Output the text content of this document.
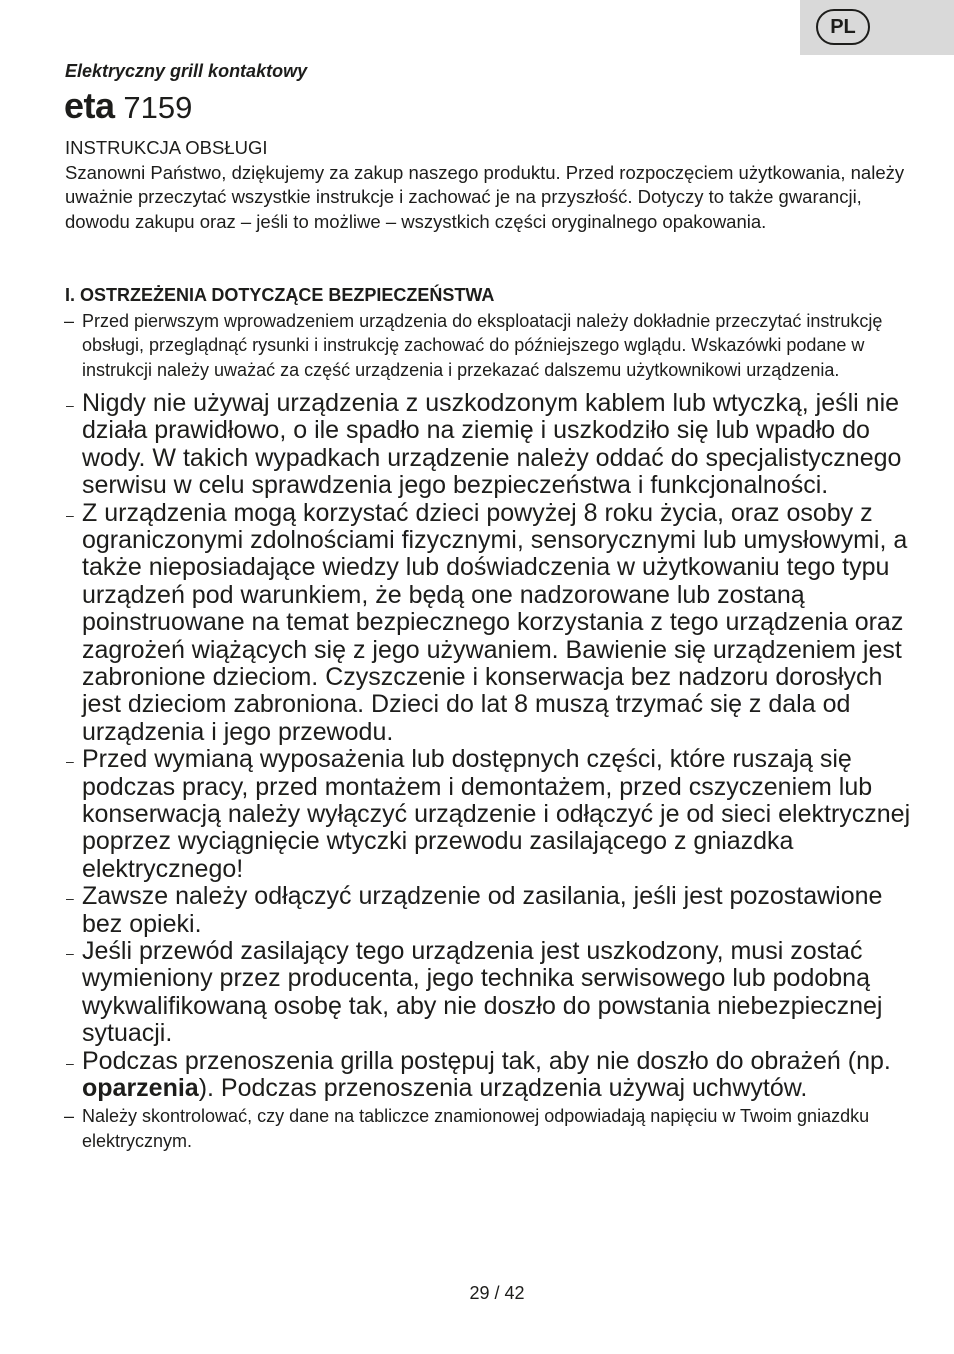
PL
Elektryczny grill kontaktowy
eta 7159

INSTRUKCJA OBSŁUGI

Szanowni Państwo, dziękujemy za zakup naszego produktu. Przed rozpoczęciem użytkowania, należy uważnie przeczytać wszystkie instrukcje i zachować je na przyszłość. Dotyczy to także gwarancji, dowodu zakupu oraz – jeśli to możliwe – wszystkich części oryginalnego opakowania.

I. OSTRZEŻENIA DOTYCZĄCE BEZPIECZEŃSTWA
– Przed pierwszym wprowadzeniem urządzenia do eksploatacji należy dokładnie przeczytać instrukcję obsługi, przeglądnąć rysunki i instrukcję zachować do późniejszego wglądu. Wskazówki podane w instrukcji należy uważać za część urządzenia i przekazać dalszemu użytkownikowi urządzenia.
– Nigdy nie używaj urządzenia z uszkodzonym kablem lub wtyczką, jeśli nie działa prawidłowo, o ile spadło na ziemię i uszkodziło się lub wpadło do wody. W takich wypadkach urządzenie należy oddać do specjalistycznego serwisu w celu sprawdzenia jego bezpieczeństwa i funkcjonalności.
– Z urządzenia mogą korzystać dzieci powyżej 8 roku życia, oraz osoby z ograniczonymi zdolnościami fizycznymi, sensorycznymi lub umysłowymi, a także nieposiadające wiedzy lub doświadczenia w użytkowaniu tego typu urządzeń pod warunkiem, że będą one nadzorowane lub zostaną poinstruowane na temat bezpiecznego korzystania z tego urządzenia oraz zagrożeń wiążących się z jego używaniem. Bawienie się urządzeniem jest zabronione dzieciom. Czyszczenie i konserwacja bez nadzoru dorosłych jest dzieciom zabroniona. Dzieci do lat 8 muszą trzymać się z dala od urządzenia i jego przewodu.
– Przed wymianą wyposażenia lub dostępnych części, które ruszają się podczas pracy, przed montażem i demontażem, przed cszyczeniem lub konserwacją należy wyłączyć urządzenie i odłączyć je od sieci elektrycznej poprzez wyciągnięcie wtyczki przewodu zasilającego z gniazdka elektrycznego!
– Zawsze należy odłączyć urządzenie od zasilania, jeśli jest pozostawione bez opieki.
– Jeśli przewód zasilający tego urządzenia jest uszkodzony, musi zostać wymieniony przez producenta, jego technika serwisowego lub podobną wykwalifikowaną osobę tak, aby nie doszło do powstania niebezpiecznej sytuacji.
– Podczas przenoszenia grilla postępuj tak, aby nie doszło do obrażeń (np. oparzenia). Podczas przenoszenia urządzenia używaj uchwytów.
– Należy skontrolować, czy dane na tabliczce znamionowej odpowiadają napięciu w Twoim gniazdku elektrycznym.
29 / 42
